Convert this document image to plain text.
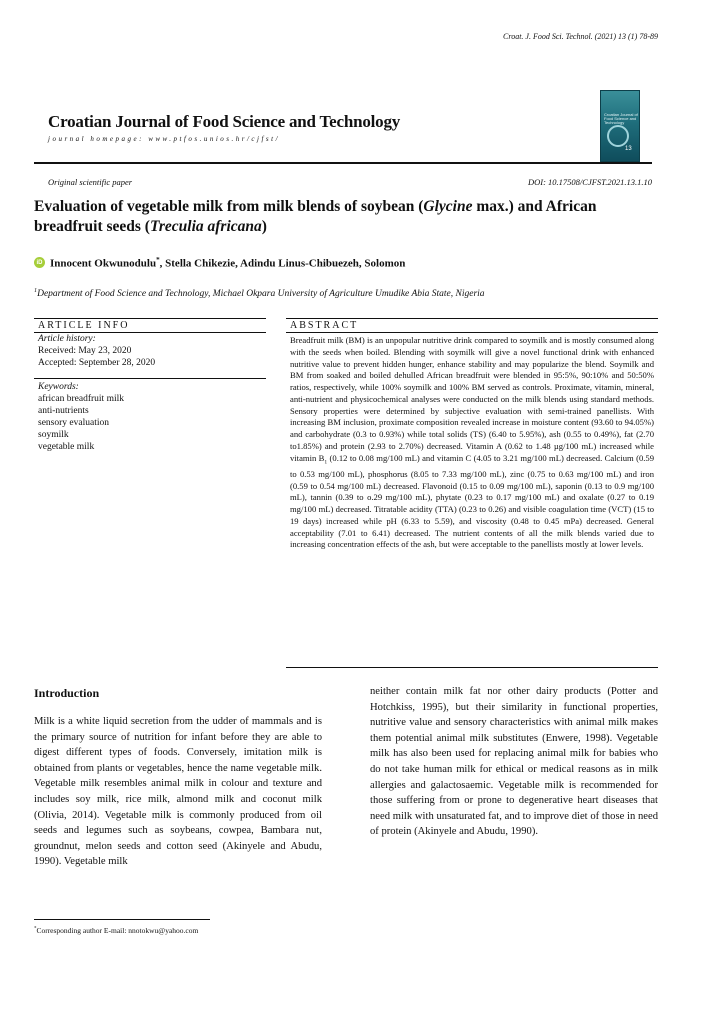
Croat. J. Food Sci. Technol. (2021) 13 (1) 78-89
Croatian Journal of Food Science and Technology
journal homepage: www.ptfos.unios.hr/cjfst/
Croatian Journal of Food Science and Technology
13
Original scientific paper	DOI: 10.17508/CJFST.2021.13.1.10
Evaluation of vegetable milk from milk blends of soybean (Glycine max.) and African breadfruit seeds (Treculia africana)
iD Innocent Okwunodulu*, Stella Chikezie, Adindu Linus-Chibuezeh, Solomon
$^1$Department of Food Science and Technology, Michael Okpara University of Agriculture Umudike Abia State, Nigeria
ARTICLE INFO
Article history:
Received: May 23, 2020
Accepted: September 28, 2020
Keywords:
african breadfruit milk
anti-nutrients
sensory evaluation
soymilk
vegetable milk
ABSTRACT

Breadfruit milk (BM) is an unpopular nutritive drink compared to soymilk and is mostly consumed along with the seeds when boiled. Blending with soymilk will give a novel functional drink with enhanced nutritive value to prevent hidden hunger, enhance stability and may popularize the blend. Soymilk and BM from soaked and boiled dehulled African breadfruit were blended in 95:5%, 90:10% and 50:50% ratios, respectively, while 100% soymilk and 100% BM served as controls. Proximate, vitamin, mineral, anti-nutrient and physicochemical analyses were conducted on the milk blends using standard methods. Sensory properties were determined by subjective evaluation with semi-trained panellists. With increasing BM inclusion, proximate composition revealed increase in moisture content (93.60 to 94.05%) and carbohydrate (0.3 to 0.93%) while total solids (TS) (6.40 to 5.95%), ash (0.55 to 0.49%), fat (2.70 to1.85%) and protein (2.93 to 2.70%) decreased. Vitamin A (0.62 to 1.48 µg/100 mL) increased while vitamin $B_1$ (0.12 to 0.08 mg/100 mL) and vitamin C (4.05 to 3.21 mg/100 mL) decreased. Calcium (0.59 to 0.53 mg/100 mL), phosphorus (8.05 to 7.33 mg/100 mL), zinc (0.75 to 0.63 mg/100 mL) and iron (0.59 to 0.54 mg/100 mL) decreased. Flavonoid (0.15 to 0.09 mg/100 mL), saponin (0.13 to 0.9 mg/100 mL), tannin (0.39 to o.29 mg/100 mL), phytate (0.23 to 0.17 mg/100 mL) and oxalate (0.27 to 0.19 mg/100 mL) decreased. Titratable acidity (TTA) (0.23 to 0.26) and visible coagulation time (VCT) (15 to 19 days) increased while pH (6.33 to 5.59), and viscosity (0.48 to 0.45 mPa) decreased. General acceptability (7.01 to 6.41) decreased. The nutrient contents of all the milk blends varied due to increasing concentration effects of the ash, but were acceptable to the panellists mostly at lower levels.

Introduction

Milk is a white liquid secretion from the udder of mammals and is the primary source of nutrition for infant before they are able to digest different types of foods. Conversely, imitation milk is obtained from plants or vegetables, hence the name vegetable milk. Vegetable milk resembles animal milk in colour and texture and includes soy milk, rice milk, almond milk and coconut milk (Olivia, 2014). Vegetable milk is commonly produced from oil seeds and legumes such as soybeans, cowpea, Bambara nut, groundnut, melon seeds and cotton seed (Akinyele and Abudu, 1990). Vegetable milk

neither contain milk fat nor other dairy products (Potter and Hotchkiss, 1995), but their similarity in functional properties, nutritive value and sensory characteristics with animal milk makes them potential animal milk substitutes (Enwere, 1998). Vegetable milk has also been used for replacing animal milk for babies who do not take human milk for ethical or medical reasons as in milk allergies and galactosaemic. Vegetable milk is recommended for those suffering from or prone to degenerative heart diseases that need milk with unsaturated fat, and to improve diet of those in need of protein (Akinyele and Abudu, 1990).

*Corresponding author E-mail: nnotokwu@yahoo.com
